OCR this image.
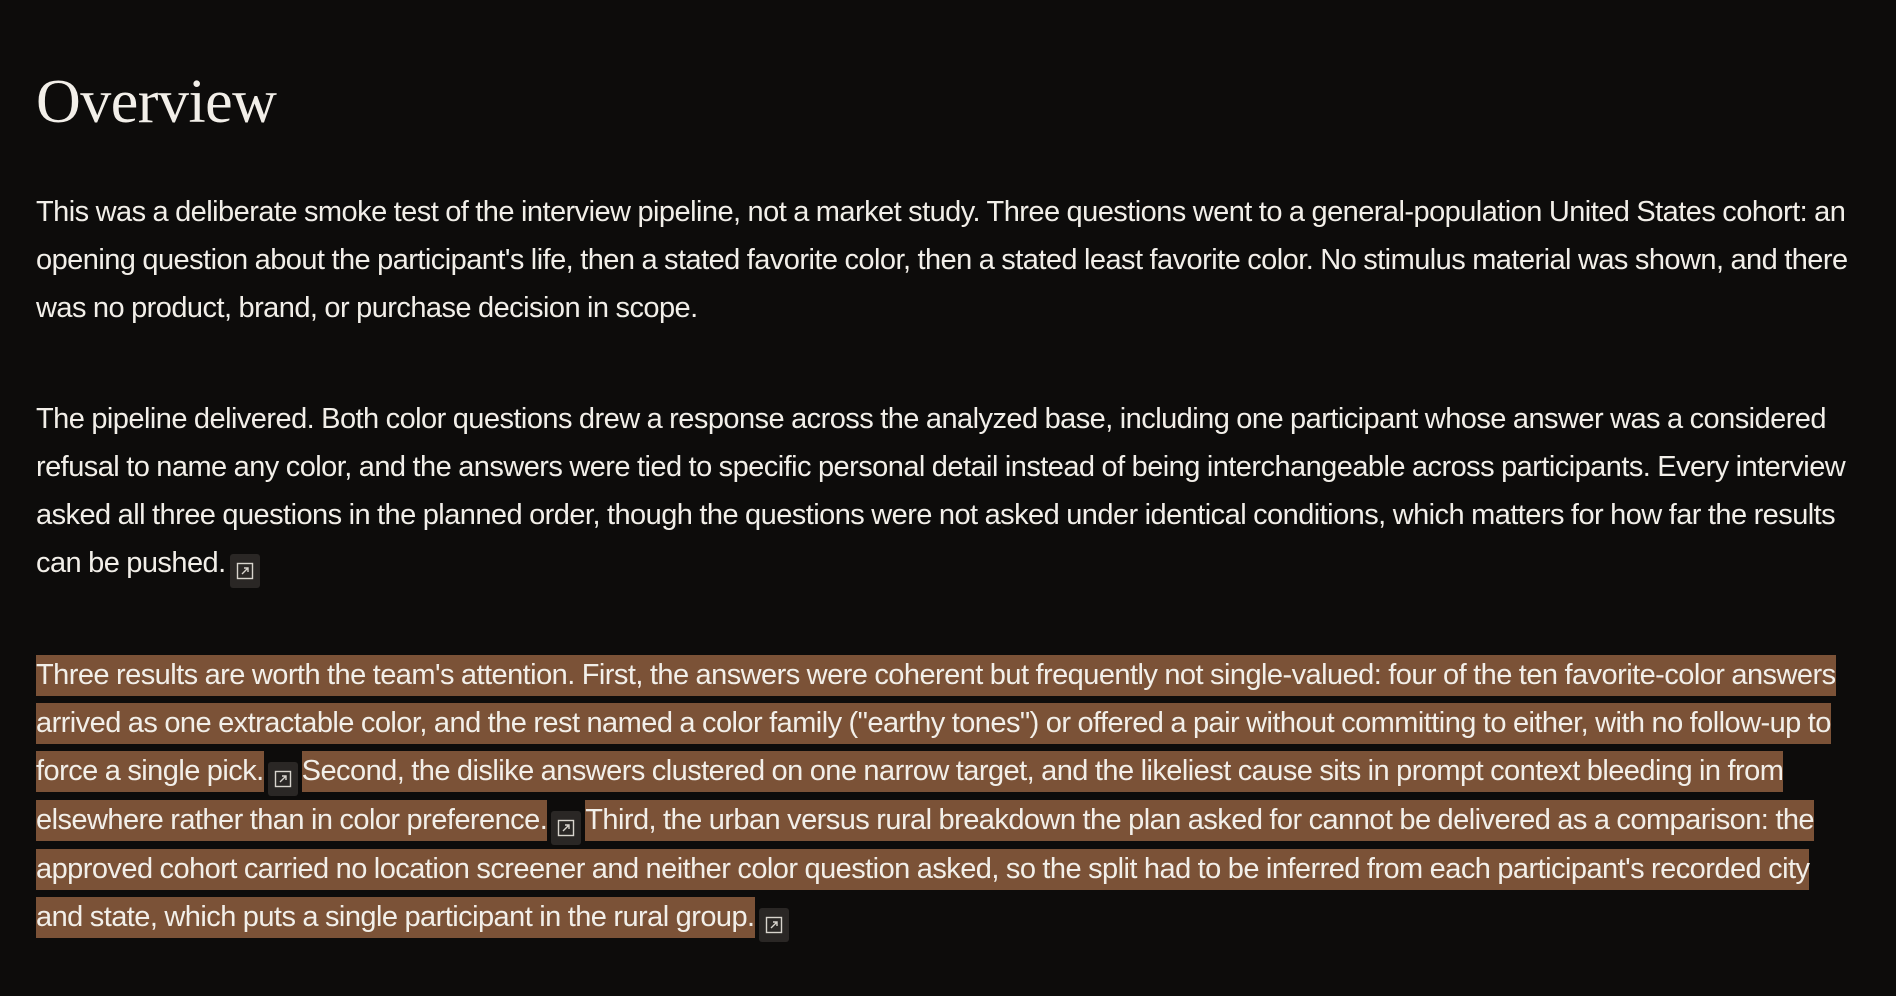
Overview

This was a deliberate smoke test of the interview pipeline, not a market study. Three questions went to a general-population United States cohort: an opening question about the participant's life, then a stated favorite color, then a stated least favorite color. No stimulus material was shown, and there was no product, brand, or purchase decision in scope.

The pipeline delivered. Both color questions drew a response across the analyzed base, including one participant whose answer was a considered refusal to name any color, and the answers were tied to specific personal detail instead of being interchangeable across participants. Every interview asked all three questions in the planned order, though the questions were not asked under identical conditions, which matters for how far the results can be pushed.

Three results are worth the team's attention. First, the answers were coherent but frequently not single-valued: four of the ten favorite-color answers arrived as one extractable color, and the rest named a color family ("earthy tones") or offered a pair without committing to either, with no follow-up to force a single pick. Second, the dislike answers clustered on one narrow target, and the likeliest cause sits in prompt context bleeding in from elsewhere rather than in color preference. Third, the urban versus rural breakdown the plan asked for cannot be delivered as a comparison: the approved cohort carried no location screener and neither color question asked, so the split had to be inferred from each participant's recorded city and state, which puts a single participant in the rural group.
